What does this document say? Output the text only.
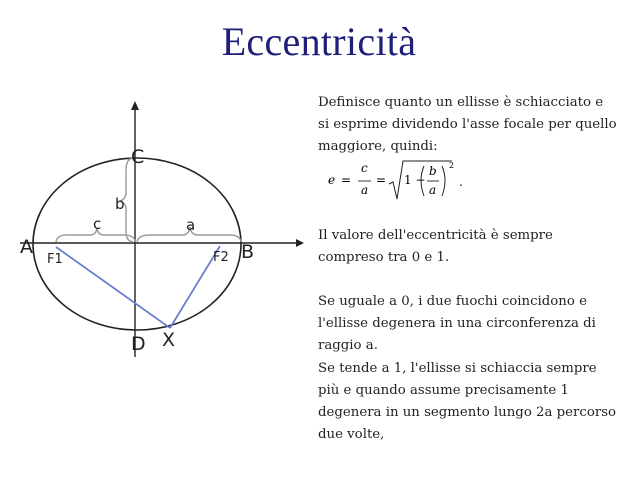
Eccentricità
A	B
C
D X
F1	F2
c	a
b

Definisce quanto un ellisse è schiacciato e si esprime dividendo l'asse focale per quello maggiore, quindi:

Il valore dell'eccentricità è sempre compreso tra 0 e 1.

Se uguale a 0, i due fuochi coincidono e l'ellisse degenera in una circonferenza di raggio a.

Se tende a 1, l'ellisse si schiaccia sempre più e quando assume precisamente 1 degenera in un segmento lungo 2a percorso due volte,

e =
c
a
= 1 −
b
a
2
.
